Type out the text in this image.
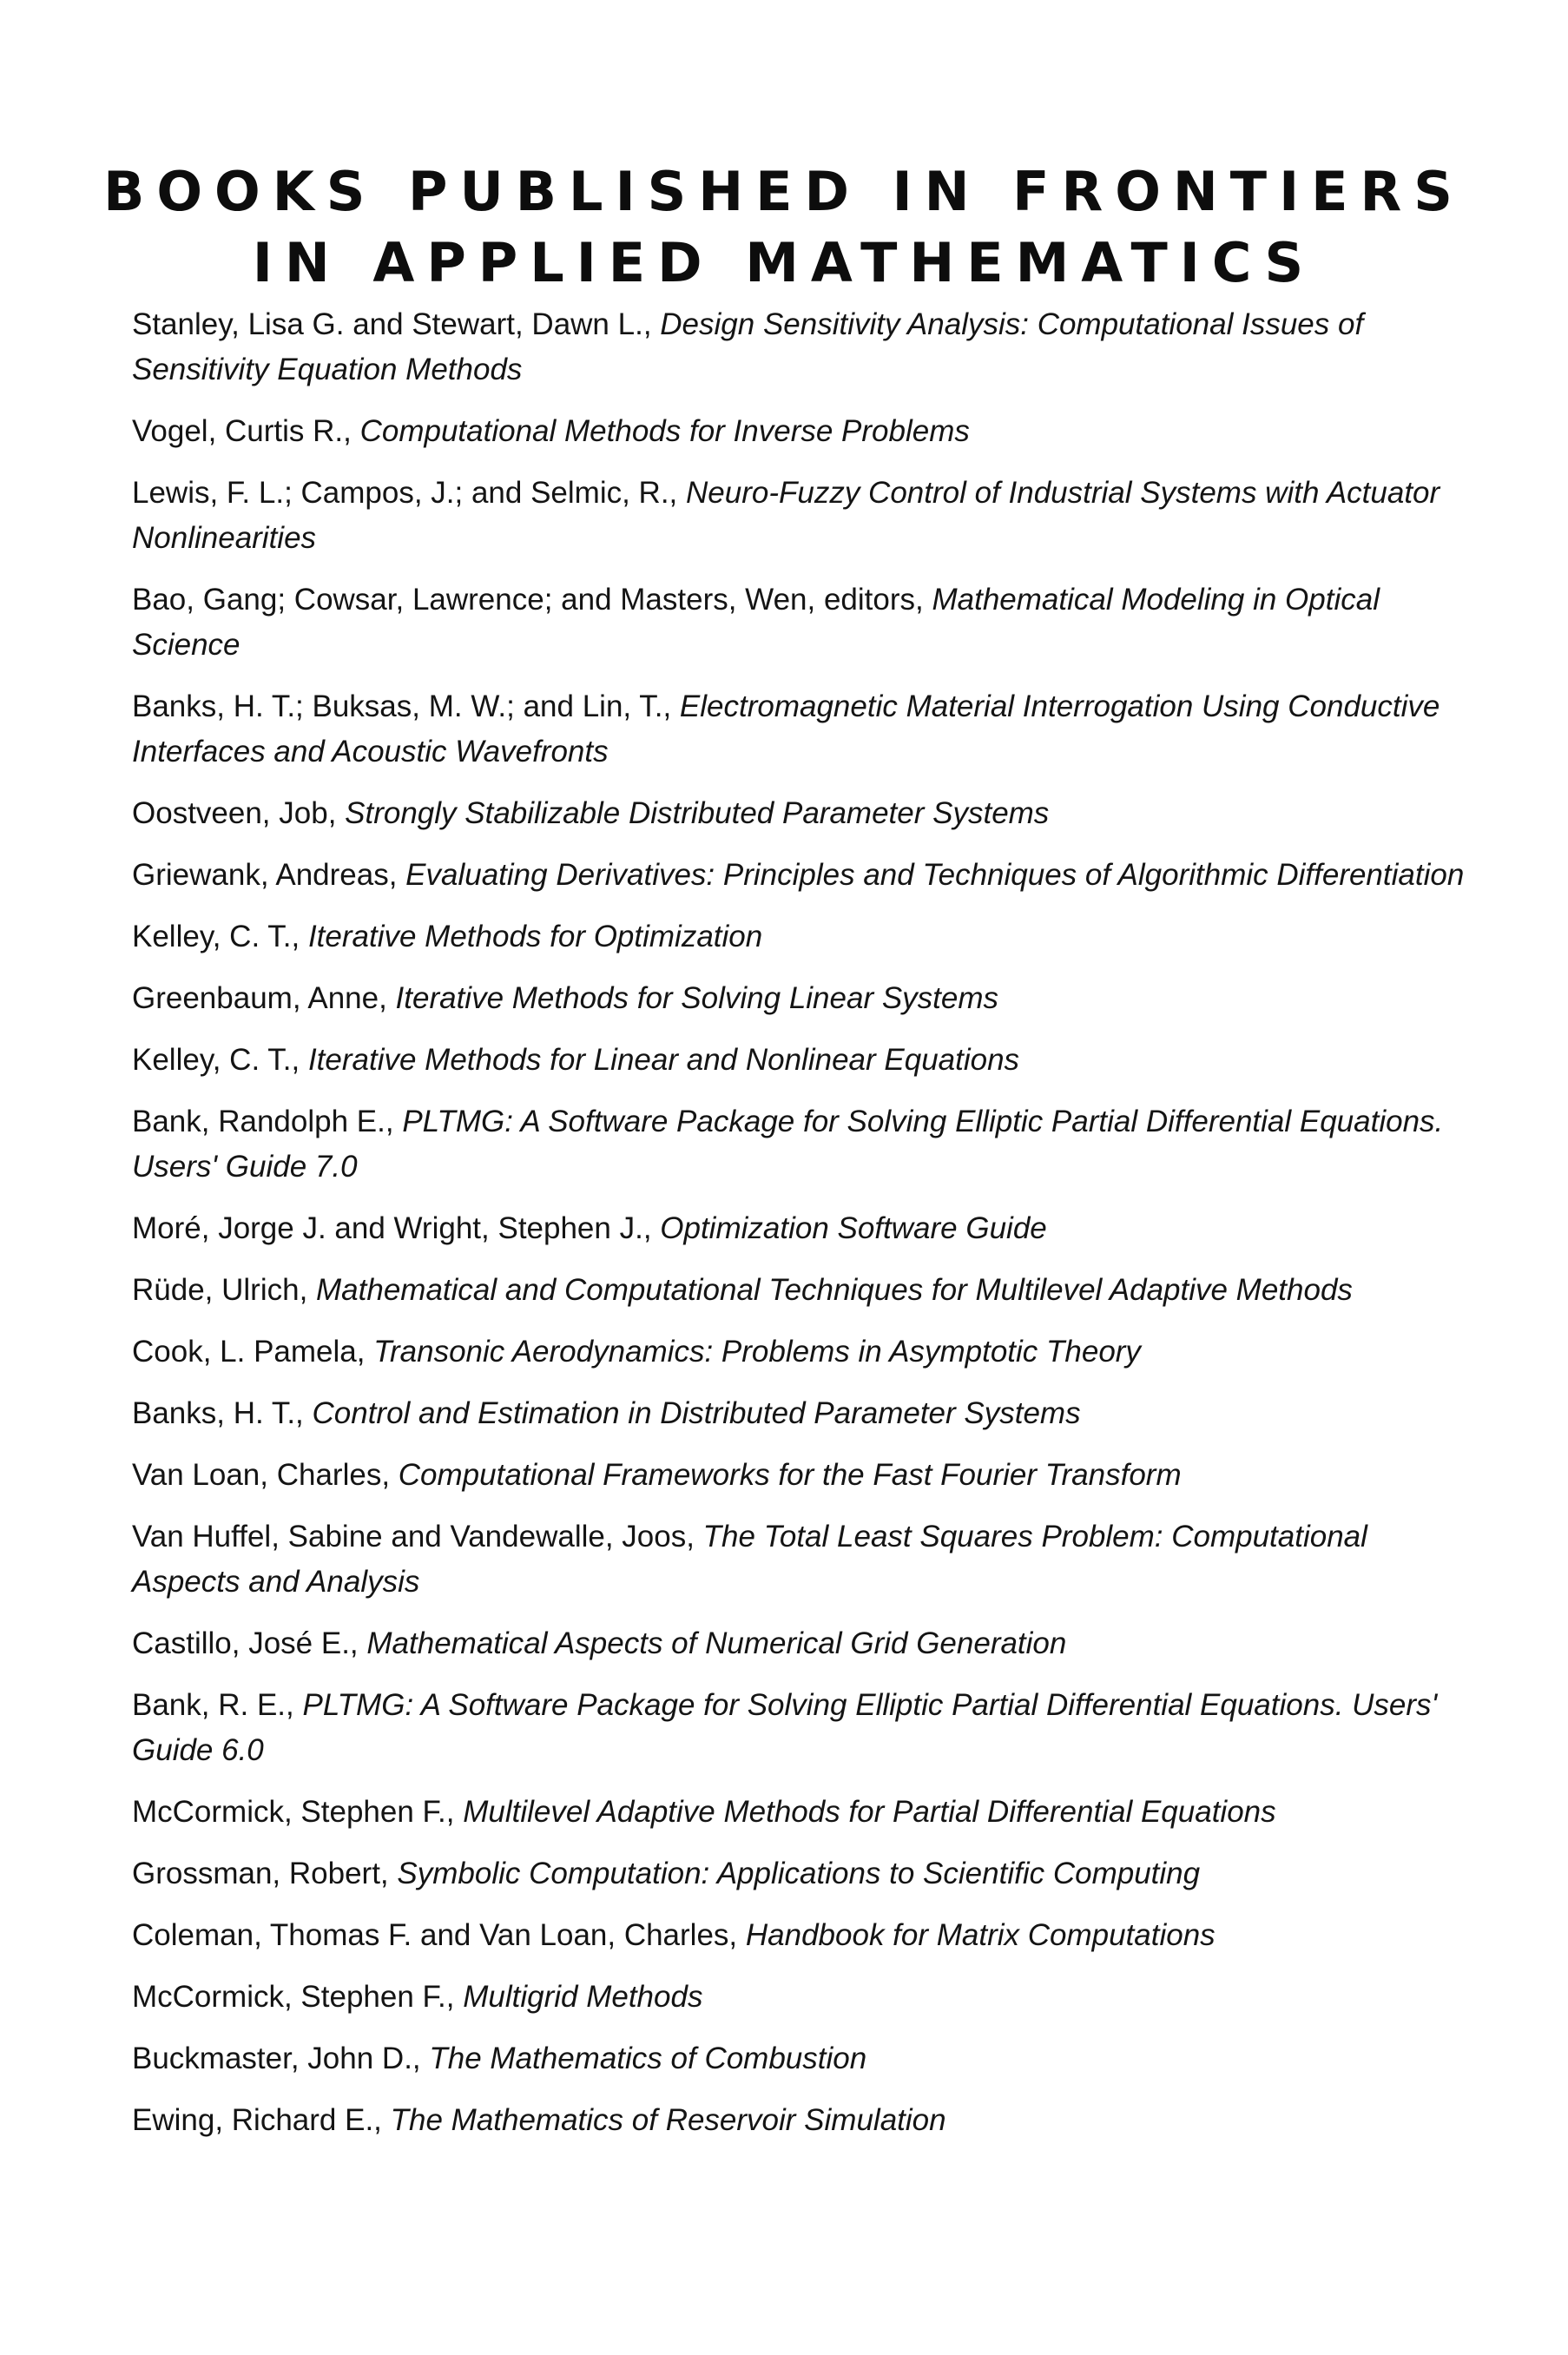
BOOKS PUBLISHED IN FRONTIERS
IN APPLIED MATHEMATICS
Stanley, Lisa G. and Stewart, Dawn L., Design Sensitivity Analysis: Computational Issues of Sensitivity Equation Methods
Vogel, Curtis R., Computational Methods for Inverse Problems
Lewis, F. L.; Campos, J.; and Selmic, R., Neuro-Fuzzy Control of Industrial Systems with Actuator Nonlinearities
Bao, Gang; Cowsar, Lawrence; and Masters, Wen, editors, Mathematical Modeling in Optical Science
Banks, H. T.; Buksas, M. W.; and Lin, T., Electromagnetic Material Interrogation Using Conductive Interfaces and Acoustic Wavefronts
Oostveen, Job, Strongly Stabilizable Distributed Parameter Systems
Griewank, Andreas, Evaluating Derivatives: Principles and Techniques of Algorithmic Differentiation
Kelley, C. T., Iterative Methods for Optimization
Greenbaum, Anne, Iterative Methods for Solving Linear Systems
Kelley, C. T., Iterative Methods for Linear and Nonlinear Equations
Bank, Randolph E., PLTMG: A Software Package for Solving Elliptic Partial Differential Equations. Users' Guide 7.0
Moré, Jorge J. and Wright, Stephen J., Optimization Software Guide
Rüde, Ulrich, Mathematical and Computational Techniques for Multilevel Adaptive Methods
Cook, L. Pamela, Transonic Aerodynamics: Problems in Asymptotic Theory
Banks, H. T., Control and Estimation in Distributed Parameter Systems
Van Loan, Charles, Computational Frameworks for the Fast Fourier Transform
Van Huffel, Sabine and Vandewalle, Joos, The Total Least Squares Problem: Computational Aspects and Analysis
Castillo, José E., Mathematical Aspects of Numerical Grid Generation
Bank, R. E., PLTMG: A Software Package for Solving Elliptic Partial Differential Equations. Users' Guide 6.0
McCormick, Stephen F., Multilevel Adaptive Methods for Partial Differential Equations
Grossman, Robert, Symbolic Computation: Applications to Scientific Computing
Coleman, Thomas F. and Van Loan, Charles, Handbook for Matrix Computations
McCormick, Stephen F., Multigrid Methods
Buckmaster, John D., The Mathematics of Combustion
Ewing, Richard E., The Mathematics of Reservoir Simulation
